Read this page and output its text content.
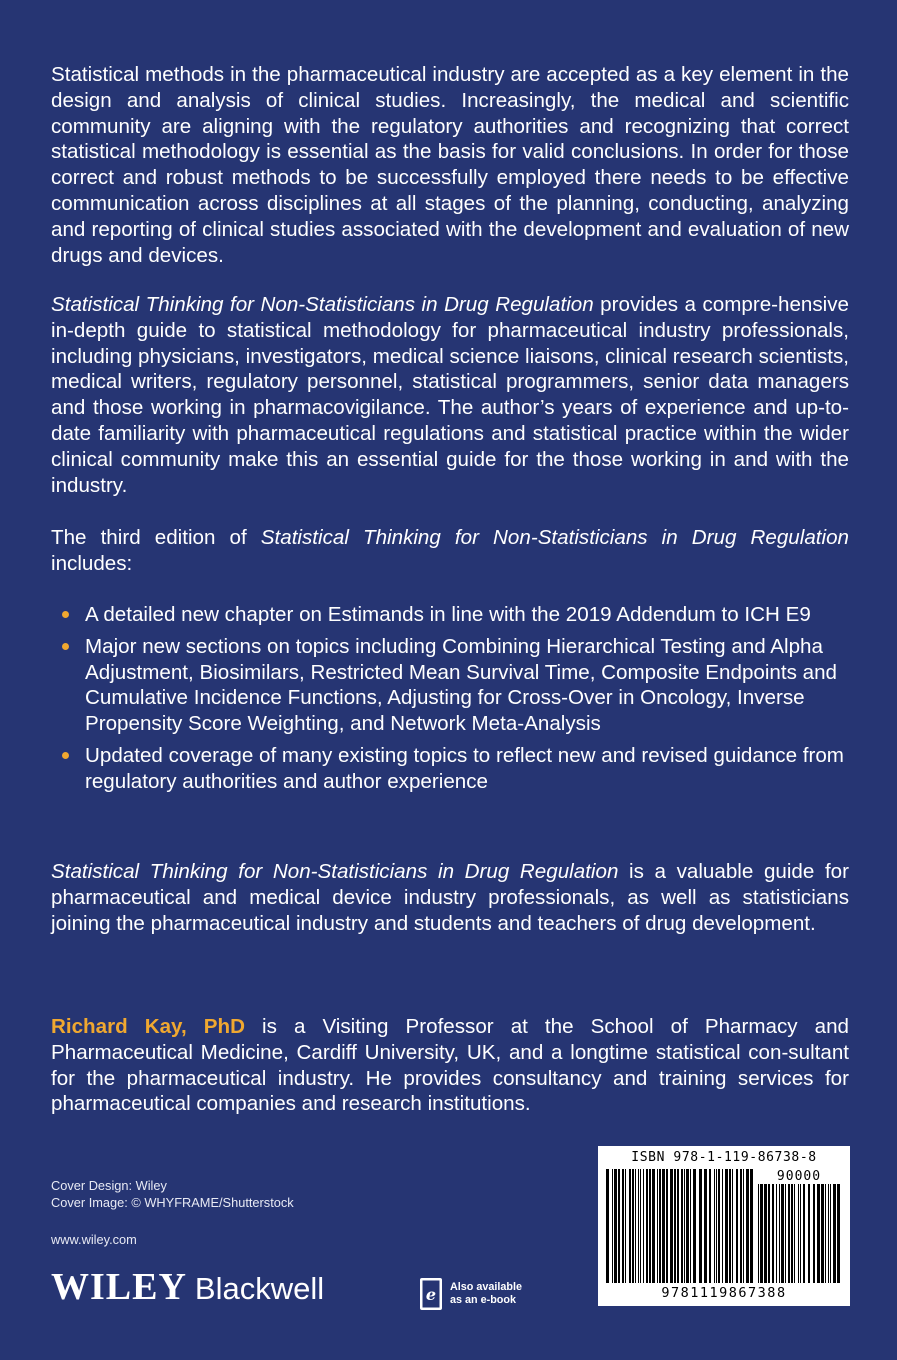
Statistical methods in the pharmaceutical industry are accepted as a key element in the design and analysis of clinical studies. Increasingly, the medical and scientific community are aligning with the regulatory authorities and recognizing that correct statistical methodology is essential as the basis for valid conclusions. In order for those correct and robust methods to be successfully employed there needs to be effective communication across disciplines at all stages of the planning, conducting, analyzing and reporting of clinical studies associated with the development and evaluation of new drugs and devices.
Statistical Thinking for Non-Statisticians in Drug Regulation provides a compre-hensive in-depth guide to statistical methodology for pharmaceutical industry professionals, including physicians, investigators, medical science liaisons, clinical research scientists, medical writers, regulatory personnel, statistical programmers, senior data managers and those working in pharmacovigilance. The author’s years of experience and up-to-date familiarity with pharmaceutical regulations and statistical practice within the wider clinical community make this an essential guide for the those working in and with the industry.
The third edition of Statistical Thinking for Non-Statisticians in Drug Regulation includes:
A detailed new chapter on Estimands in line with the 2019 Addendum to ICH E9
Major new sections on topics including Combining Hierarchical Testing and Alpha Adjustment, Biosimilars, Restricted Mean Survival Time, Composite Endpoints and Cumulative Incidence Functions, Adjusting for Cross-Over in Oncology, Inverse Propensity Score Weighting, and Network Meta-Analysis
Updated coverage of many existing topics to reflect new and revised guidance from regulatory authorities and author experience
Statistical Thinking for Non-Statisticians in Drug Regulation is a valuable guide for pharmaceutical and medical device industry professionals, as well as statisticians joining the pharmaceutical industry and students and teachers of drug development.
Richard Kay, PhD is a Visiting Professor at the School of Pharmacy and Pharmaceutical Medicine, Cardiff University, UK, and a longtime statistical con-sultant for the pharmaceutical industry. He provides consultancy and training services for pharmaceutical companies and research institutions.
Cover Design: Wiley
Cover Image: © WHYFRAME/Shutterstock
www.wiley.com
WILEY Blackwell	e Also available as an e-book
ISBN 978-1-119-86738-8
90000
9781119867388
